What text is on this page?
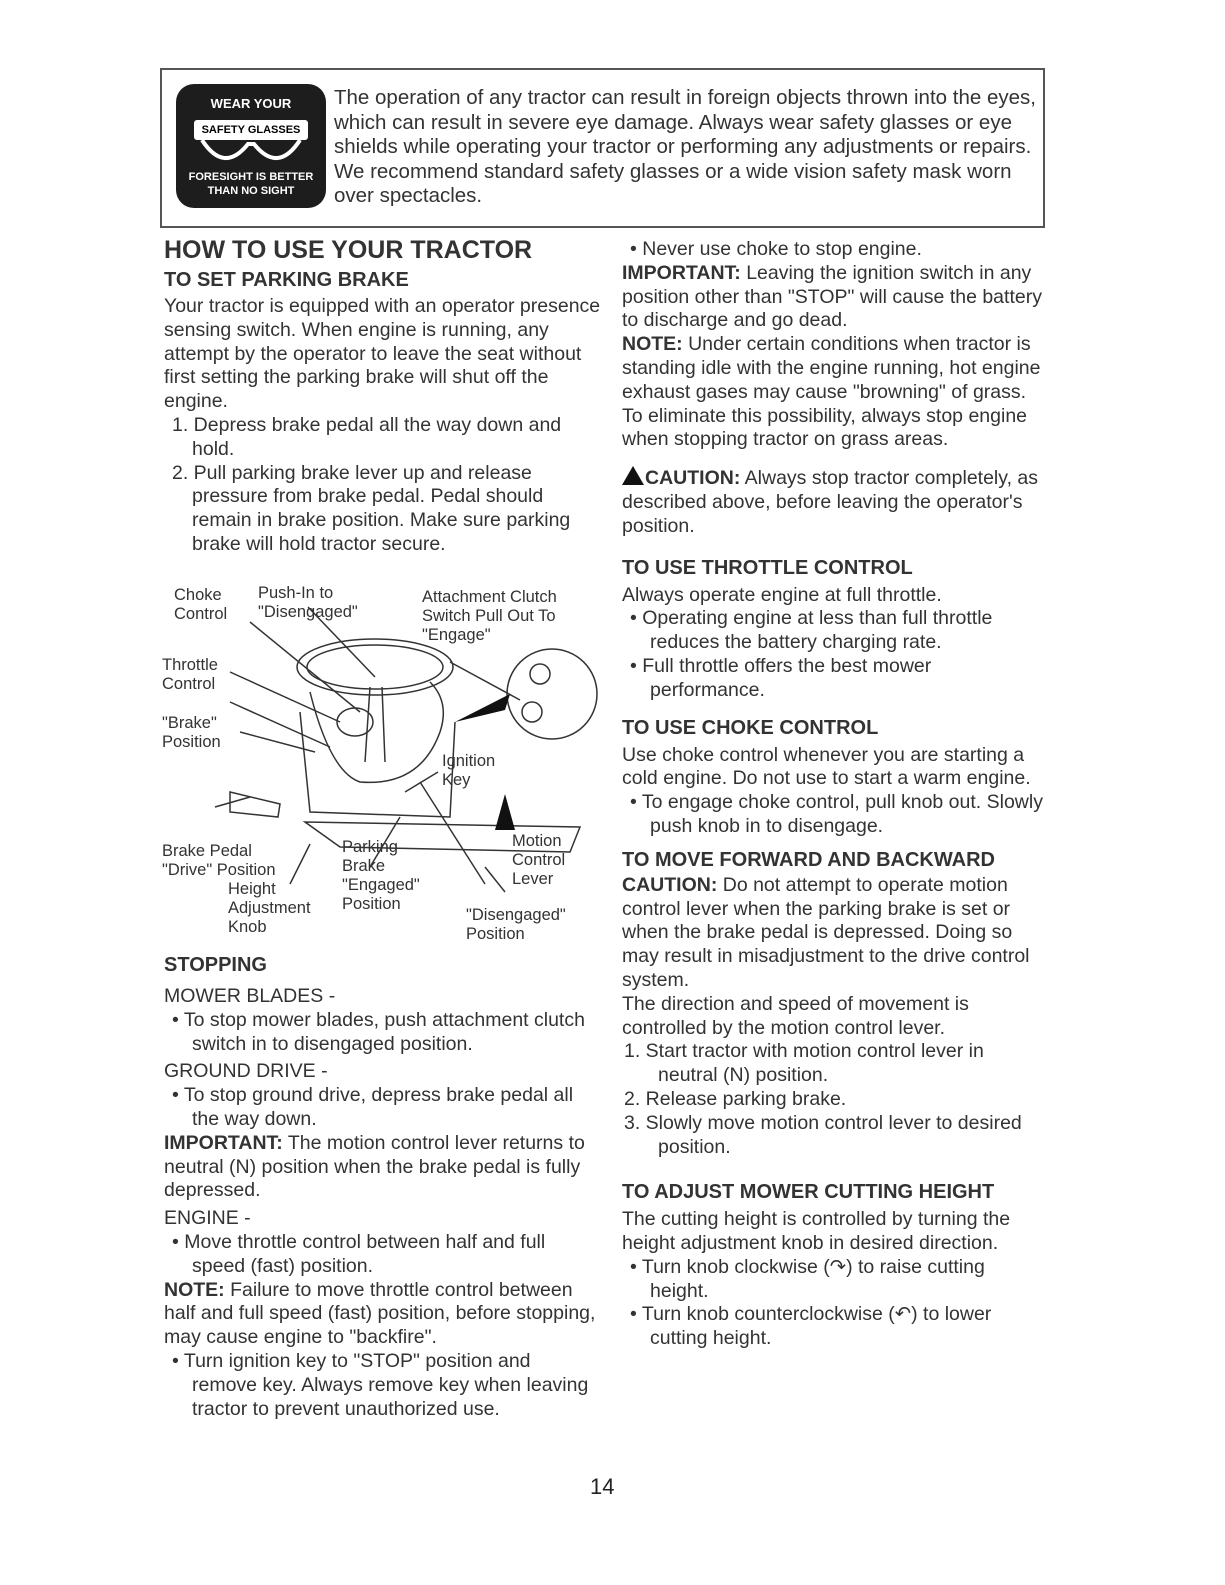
WEAR YOUR
SAFETY GLASSES
FORESIGHT IS BETTER
THAN NO SIGHT
The operation of any tractor can result in foreign objects thrown into the eyes, which can result in severe eye damage. Always wear safety glasses or eye shields while operating your tractor or performing any adjustments or repairs. We recommend standard safety glasses or a wide vision safety mask worn over spectacles.
HOW TO USE YOUR TRACTOR
TO SET PARKING BRAKE

Your tractor is equipped with an operator presence sensing switch. When engine is running, any attempt by the operator to leave the seat without first setting the parking brake will shut off the engine.

1. Depress brake pedal all the way down and hold.

2. Pull parking brake lever up and release pressure from brake pedal. Pedal should remain in brake position. Make sure parking brake will hold tractor secure.

Choke
Control
Push-In to
"Disengaged"
Attachment Clutch
Switch Pull Out To
"Engage"
Throttle
Control
"Brake"
Position
Ignition
Key
Brake Pedal
"Drive" Position
Height
Adjustment
Knob
Parking
Brake
"Engaged"
Position
Motion
Control
Lever
"Disengaged"
Position
STOPPING

MOWER BLADES -

• To stop mower blades, push attachment clutch switch in to disengaged position.

GROUND DRIVE -

• To stop ground drive, depress brake pedal all the way down.

IMPORTANT: The motion control lever returns to neutral (N) position when the brake pedal is fully depressed.

ENGINE -

• Move throttle control between half and full speed (fast) position.

NOTE: Failure to move throttle control between half and full speed (fast) position, before stopping, may cause engine to "backfire".

• Turn ignition key to "STOP" position and remove key. Always remove key when leaving tractor to prevent unauthorized use.

• Never use choke to stop engine.

IMPORTANT: Leaving the ignition switch in any position other than "STOP" will cause the battery to discharge and go dead.

NOTE: Under certain conditions when tractor is standing idle with the engine running, hot engine exhaust gases may cause "browning" of grass. To eliminate this possibility, always stop engine when stopping tractor on grass areas.

CAUTION: Always stop tractor completely, as described above, before leaving the operator's position.

TO USE THROTTLE CONTROL

Always operate engine at full throttle.

• Operating engine at less than full throttle reduces the battery charging rate.

• Full throttle offers the best mower performance.

TO USE CHOKE CONTROL

Use choke control whenever you are starting a cold engine. Do not use to start a warm engine.

• To engage choke control, pull knob out. Slowly push knob in to disengage.

TO MOVE FORWARD AND BACKWARD

CAUTION: Do not attempt to operate motion control lever when the parking brake is set or when the brake pedal is depressed. Doing so may result in misadjustment to the drive control system.

The direction and speed of movement is controlled by the motion control lever.

1. Start tractor with motion control lever in neutral (N) position.

2. Release parking brake.

3. Slowly move motion control lever to desired position.

TO ADJUST MOWER CUTTING HEIGHT

The cutting height is controlled by turning the height adjustment knob in desired direction.

• Turn knob clockwise (↷) to raise cutting height.

• Turn knob counterclockwise (↶) to lower cutting height.

14
